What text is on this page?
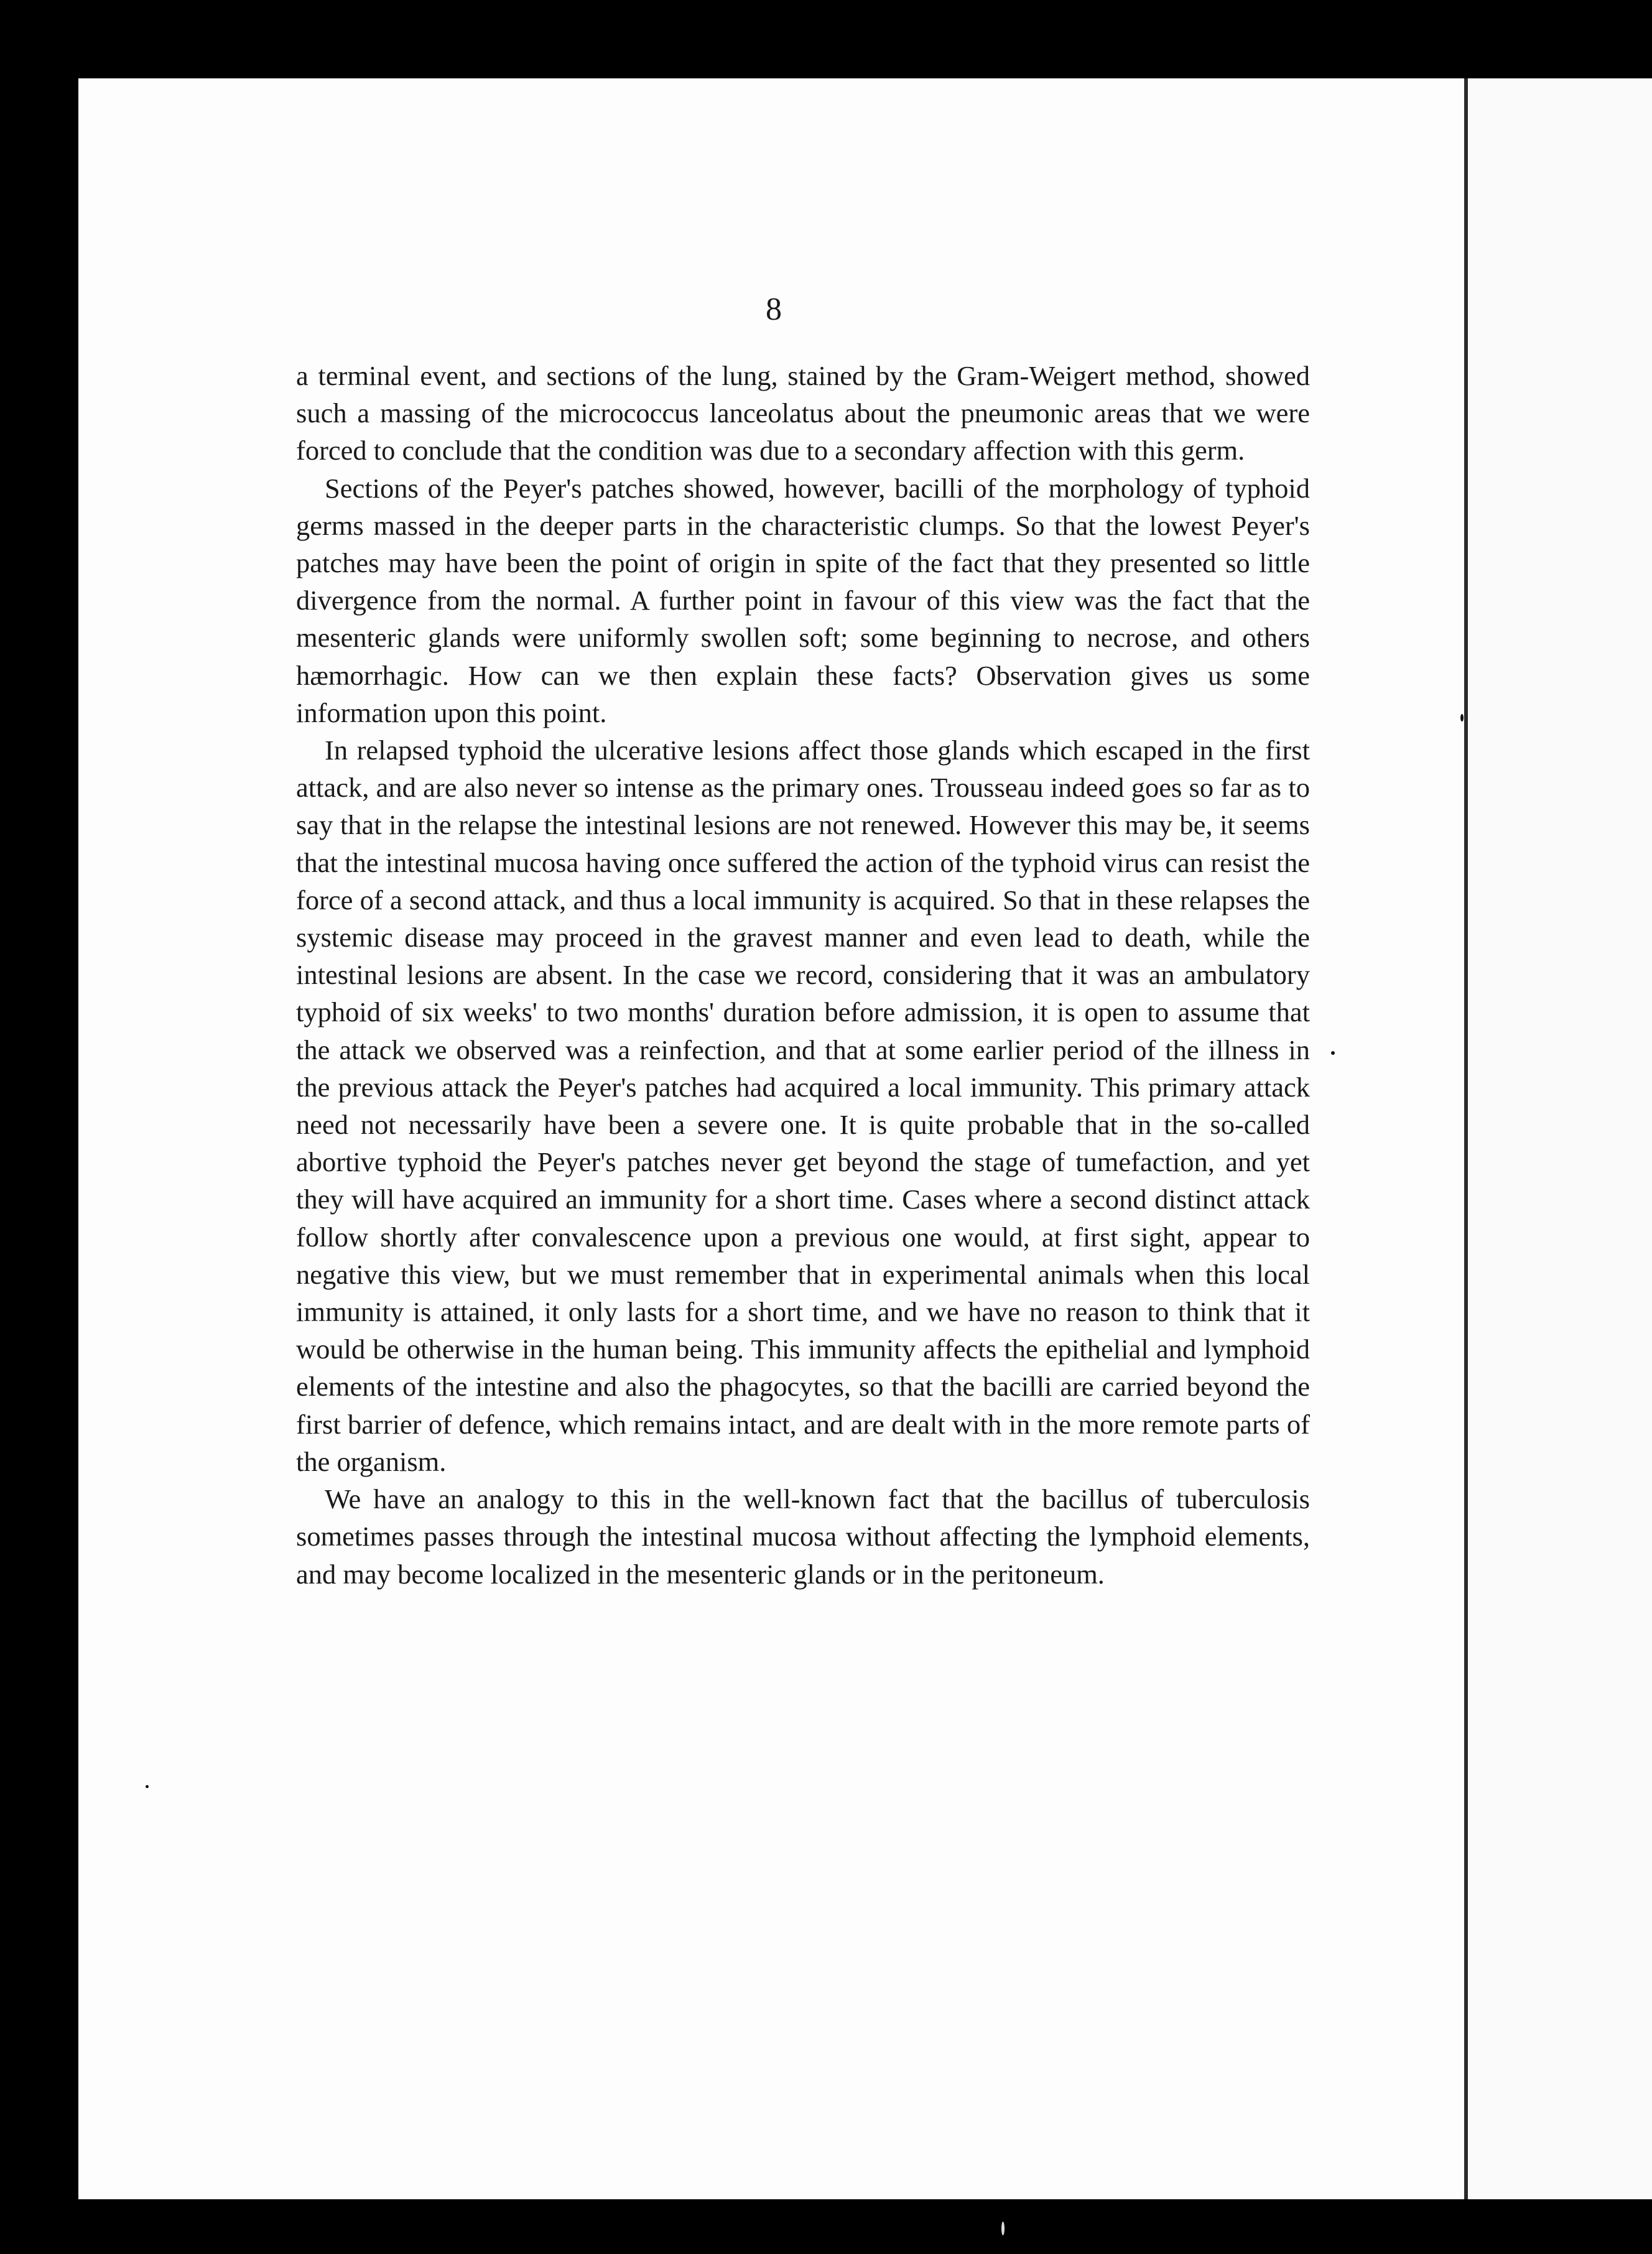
8

a terminal event, and sections of the lung, stained by the Gram-Weigert method, showed such a massing of the micrococcus lanceolatus about the pneumonic areas that we were forced to conclude that the condition was due to a secondary affection with this germ.

Sections of the Peyer's patches showed, however, bacilli of the morphology of typhoid germs massed in the deeper parts in the characteristic clumps. So that the lowest Peyer's patches may have been the point of origin in spite of the fact that they presented so little divergence from the normal. A further point in favour of this view was the fact that the mesenteric glands were uniformly swollen soft; some beginning to necrose, and others hæmorrhagic. How can we then explain these facts? Observation gives us some information upon this point.

In relapsed typhoid the ulcerative lesions affect those glands which escaped in the first attack, and are also never so intense as the primary ones. Trousseau indeed goes so far as to say that in the relapse the intestinal lesions are not renewed. However this may be, it seems that the intestinal mucosa having once suffered the action of the typhoid virus can resist the force of a second attack, and thus a local immunity is acquired. So that in these relapses the systemic disease may proceed in the gravest manner and even lead to death, while the intestinal lesions are absent. In the case we record, considering that it was an ambulatory typhoid of six weeks' to two months' duration before admission, it is open to assume that the attack we observed was a reinfection, and that at some earlier period of the illness in the previous attack the Peyer's patches had acquired a local immunity. This primary attack need not necessarily have been a severe one. It is quite probable that in the so-called abortive typhoid the Peyer's patches never get beyond the stage of tumefaction, and yet they will have acquired an immunity for a short time. Cases where a second distinct attack follow shortly after convalescence upon a previous one would, at first sight, appear to negative this view, but we must remember that in experimental animals when this local immunity is attained, it only lasts for a short time, and we have no reason to think that it would be otherwise in the human being. This immunity affects the epithelial and lymphoid elements of the intestine and also the phagocytes, so that the bacilli are carried beyond the first barrier of defence, which remains intact, and are dealt with in the more remote parts of the organism.

We have an analogy to this in the well-known fact that the bacillus of tuberculosis sometimes passes through the intestinal mucosa without affecting the lymphoid elements, and may become localized in the mesenteric glands or in the peritoneum.
